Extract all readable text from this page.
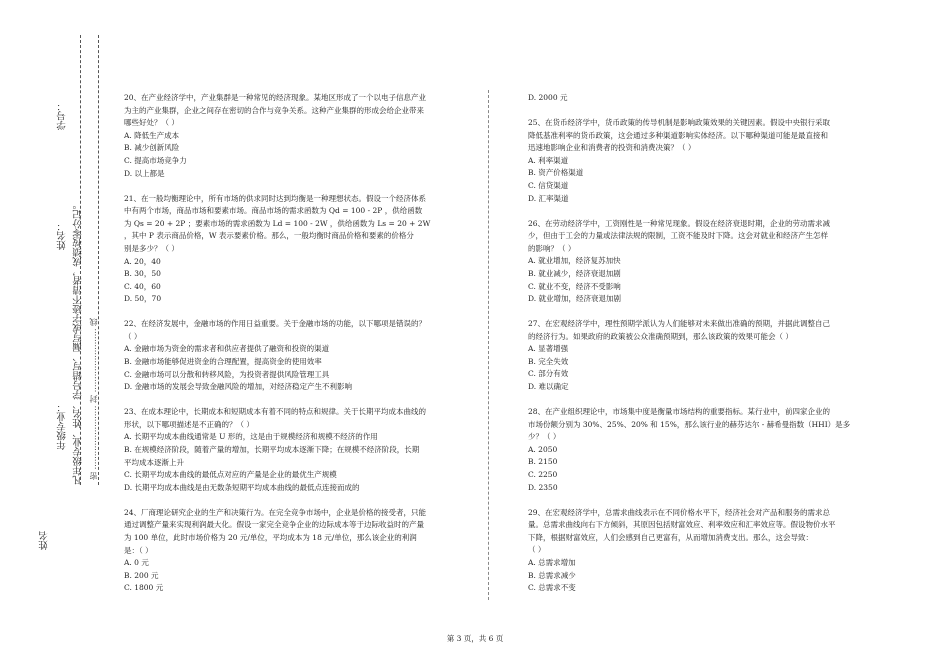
姓名
年级专业： 凡年级专业、姓名、学号错写、漏写或字迹不清者，成绩按零分记。
姓名：
学号：
密 …………………… 封 …………………… 线
20、在产业经济学中，产业集群是一种常见的经济现象。某地区形成了一个以电子信息产业
为主的产业集群，企业之间存在密切的合作与竞争关系。这种产业集群的形成会给企业带来
哪些好处？（ ）
A. 降低生产成本
B. 减少创新风险
C. 提高市场竞争力
D. 以上都是
21、在一般均衡理论中，所有市场的供求同时达到均衡是一种理想状态。假设一个经济体系
中有两个市场，商品市场和要素市场。商品市场的需求函数为 Qd = 100 - 2P ，供给函数
为 Qs = 20 + 2P ；要素市场的需求函数为 Ld = 100 - 2W ，供给函数为 Ls = 20 + 2W
，其中 P 表示商品价格，W 表示要素价格。那么，一般均衡时商品价格和要素的价格分
别是多少？（ ）
A. 20，40
B. 30，50
C. 40，60
D. 50，70
22、在经济发展中，金融市场的作用日益重要。关于金融市场的功能，以下哪项是错误的？
（ ）
A. 金融市场为资金的需求者和供应者提供了融资和投资的渠道
B. 金融市场能够促进资金的合理配置，提高资金的使用效率
C. 金融市场可以分散和转移风险，为投资者提供风险管理工具
D. 金融市场的发展会导致金融风险的增加，对经济稳定产生不利影响
23、在成本理论中，长期成本和短期成本有着不同的特点和规律。关于长期平均成本曲线的
形状，以下哪项描述是不正确的？（ ）
A. 长期平均成本曲线通常是 U 形的，这是由于规模经济和规模不经济的作用
B. 在规模经济阶段，随着产量的增加，长期平均成本逐渐下降；在规模不经济阶段，长期
平均成本逐渐上升
C. 长期平均成本曲线的最低点对应的产量是企业的最优生产规模
D. 长期平均成本曲线是由无数条短期平均成本曲线的最低点连接而成的
24、厂商理论研究企业的生产和决策行为。在完全竞争市场中，企业是价格的接受者，只能
通过调整产量来实现利润最大化。假设一家完全竞争企业的边际成本等于边际收益时的产量
为 100 单位，此时市场价格为 20 元/单位，平均成本为 18 元/单位，那么该企业的利润
是：（ ）
A. 0 元
B. 200 元
C. 1800 元
D. 2000 元
25、在货币经济学中，货币政策的传导机制是影响政策效果的关键因素。假设中央银行采取
降低基准利率的货币政策，这会通过多种渠道影响实体经济。以下哪种渠道可能是最直接和
迅速地影响企业和消费者的投资和消费决策？（ ）
A. 利率渠道
B. 资产价格渠道
C. 信贷渠道
D. 汇率渠道
26、在劳动经济学中，工资刚性是一种常见现象。假设在经济衰退时期，企业的劳动需求减
少，但由于工会的力量或法律法规的限制，工资不能及时下降。这会对就业和经济产生怎样
的影响？（ ）
A. 就业增加，经济复苏加快
B. 就业减少，经济衰退加剧
C. 就业不变，经济不受影响
D. 就业增加，经济衰退加剧
27、在宏观经济学中，理性预期学派认为人们能够对未来做出准确的预期，并据此调整自己
的经济行为。如果政府的政策被公众准确预期到，那么该政策的效果可能会（ ）
A. 显著增强
B. 完全失效
C. 部分有效
D. 难以确定
28、在产业组织理论中，市场集中度是衡量市场结构的重要指标。某行业中，前四家企业的
市场份额分别为 30%、25%、20% 和 15%，那么该行业的赫芬达尔 - 赫希曼指数（HHI）是多
少？（ ）
A. 2050
B. 2150
C. 2250
D. 2350
29、在宏观经济学中，总需求曲线表示在不同价格水平下，经济社会对产品和服务的需求总
量。总需求曲线向右下方倾斜，其原因包括财富效应、利率效应和汇率效应等。假设物价水平
下降，根据财富效应，人们会感到自己更富有，从而增加消费支出。那么，这会导致：
（ ）
A. 总需求增加
B. 总需求减少
C. 总需求不变
第 3 页，共 6 页
